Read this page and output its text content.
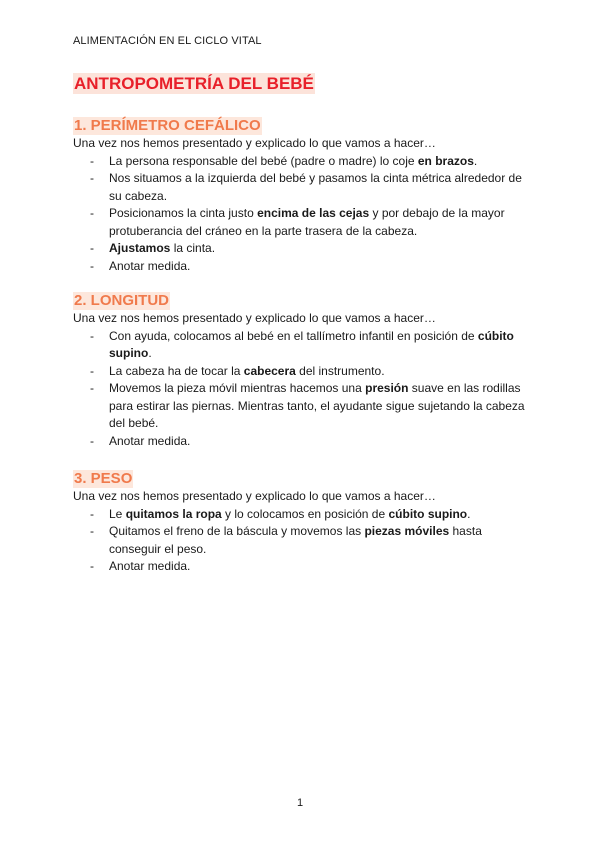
ALIMENTACIÓN EN EL CICLO VITAL
ANTROPOMETRÍA DEL BEBÉ
1. PERÍMETRO CEFÁLICO

Una vez nos hemos presentado y explicado lo que vamos a hacer…

- La persona responsable del bebé (padre o madre) lo coje en brazos.
- Nos situamos a la izquierda del bebé y pasamos la cinta métrica alrededor de su cabeza.
- Posicionamos la cinta justo encima de las cejas y por debajo de la mayor protuberancia del cráneo en la parte trasera de la cabeza.
- Ajustamos la cinta.
- Anotar medida.
2. LONGITUD

Una vez nos hemos presentado y explicado lo que vamos a hacer…

- Con ayuda, colocamos al bebé en el tallímetro infantil en posición de cúbito supino.
- La cabeza ha de tocar la cabecera del instrumento.
- Movemos la pieza móvil mientras hacemos una presión suave en las rodillas para estirar las piernas. Mientras tanto, el ayudante sigue sujetando la cabeza del bebé.
- Anotar medida.
3. PESO

Una vez nos hemos presentado y explicado lo que vamos a hacer…

- Le quitamos la ropa y lo colocamos en posición de cúbito supino.
- Quitamos el freno de la báscula y movemos las piezas móviles hasta conseguir el peso.
- Anotar medida.
1
